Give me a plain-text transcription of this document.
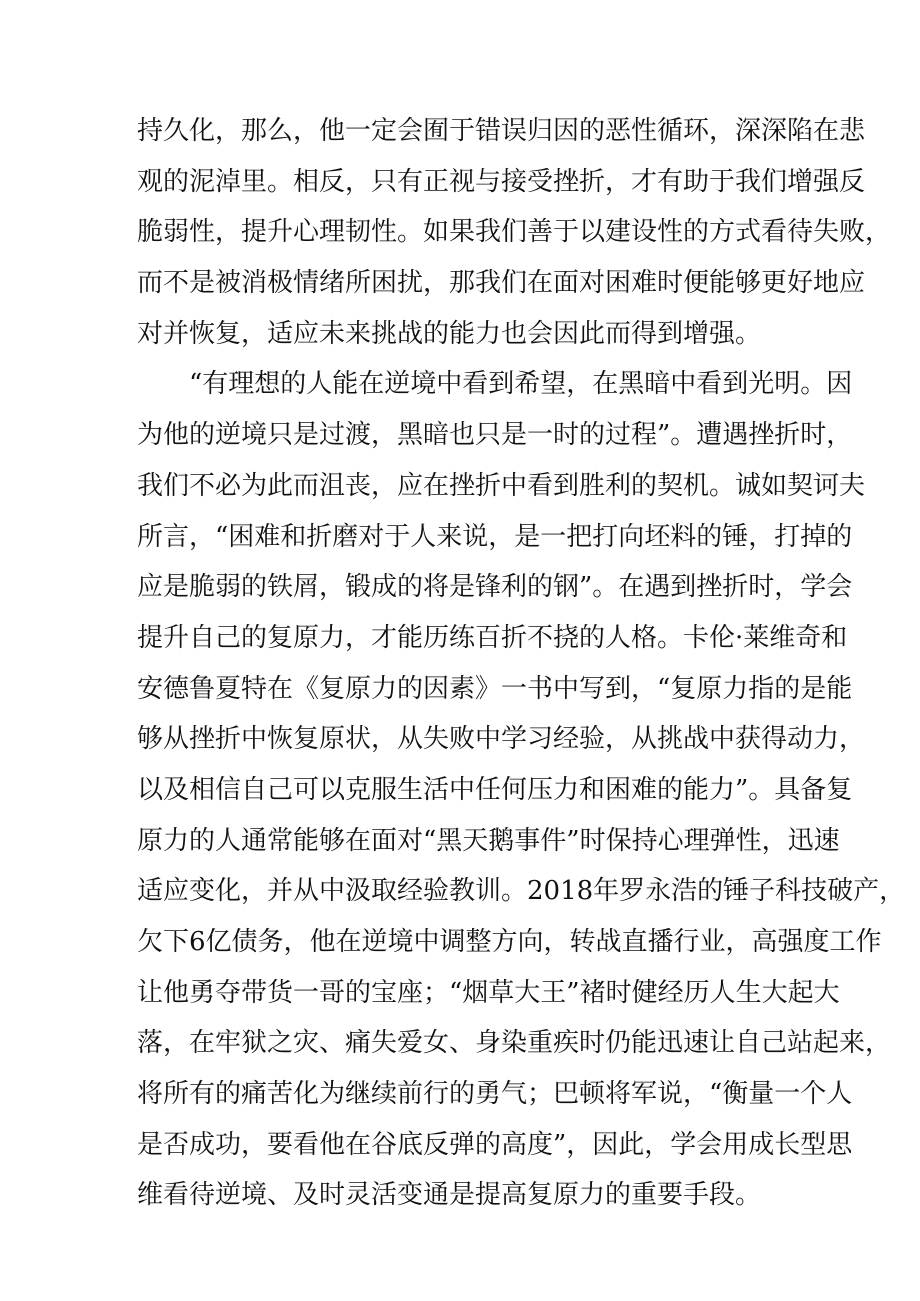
持久化，那么，他一定会囿于错误归因的恶性循环，深深陷在悲
观的泥淖里。相反，只有正视与接受挫折，才有助于我们增强反
脆弱性，提升心理韧性。如果我们善于以建设性的方式看待失败，
而不是被消极情绪所困扰，那我们在面对困难时便能够更好地应
对并恢复，适应未来挑战的能力也会因此而得到增强。
“有理想的人能在逆境中看到希望，在黑暗中看到光明。因
为他的逆境只是过渡，黑暗也只是一时的过程”。遭遇挫折时，
我们不必为此而沮丧，应在挫折中看到胜利的契机。诚如契诃夫
所言，“困难和折磨对于人来说，是一把打向坯料的锤，打掉的
应是脆弱的铁屑，锻成的将是锋利的钢”。在遇到挫折时，学会
提升自己的复原力，才能历练百折不挠的人格。卡伦·莱维奇和
安德鲁夏特在《复原力的因素》一书中写到，“复原力指的是能
够从挫折中恢复原状，从失败中学习经验，从挑战中获得动力，
以及相信自己可以克服生活中任何压力和困难的能力”。具备复
原力的人通常能够在面对“黑天鹅事件”时保持心理弹性，迅速
适应变化，并从中汲取经验教训。2018年罗永浩的锤子科技破产，
欠下6亿债务，他在逆境中调整方向，转战直播行业，高强度工作
让他勇夺带货一哥的宝座；“烟草大王”褚时健经历人生大起大
落，在牢狱之灾、痛失爱女、身染重疾时仍能迅速让自己站起来，
将所有的痛苦化为继续前行的勇气；巴顿将军说，“衡量一个人
是否成功，要看他在谷底反弹的高度”，因此，学会用成长型思
维看待逆境、及时灵活变通是提高复原力的重要手段。
